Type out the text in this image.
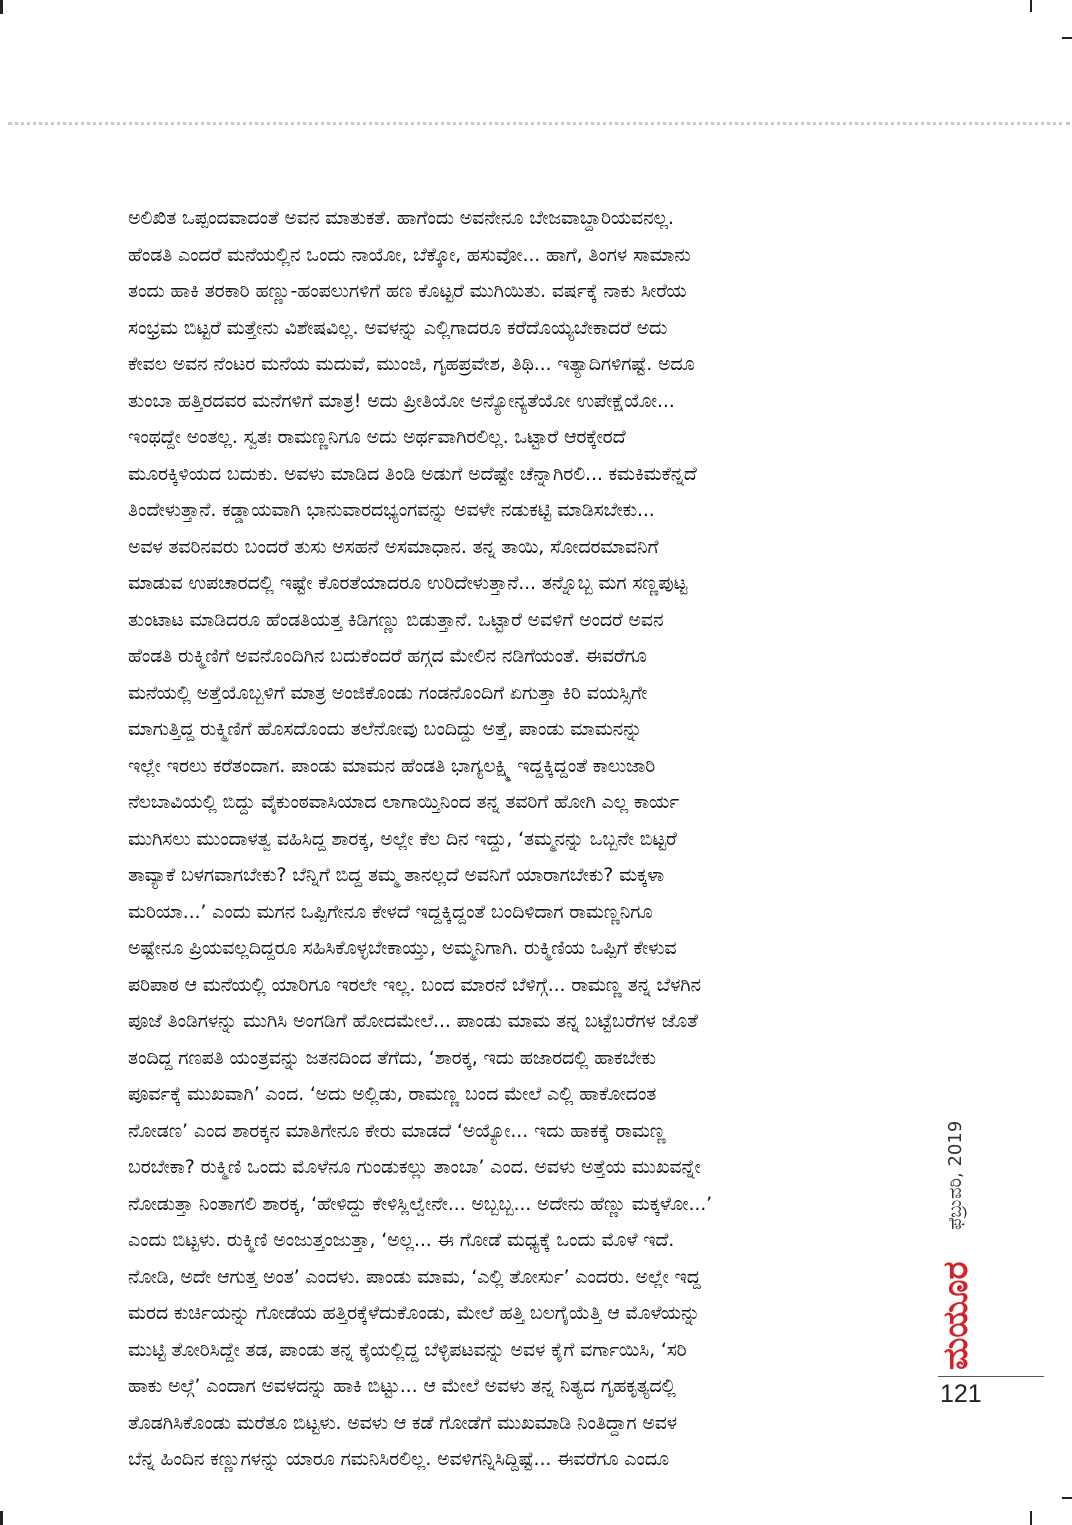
ಅಲಿಖಿತ ಒಪ್ಪಂದವಾದಂತೆ ಅವನ ಮಾತುಕತೆ. ಹಾಗೆಂದು ಅವನೇನೂ ಬೇಜವಾಬ್ದಾರಿಯವನಲ್ಲ.
ಹೆಂಡತಿ ಎಂದರೆ ಮನೆಯಲ್ಲಿನ ಒಂದು ನಾಯೋ, ಬೆಕ್ಕೋ, ಹಸುವೋ... ಹಾಗೆ, ತಿಂಗಳ ಸಾಮಾನು
ತಂದು ಹಾಕಿ ತರಕಾರಿ ಹಣ್ಣು-ಹಂಪಲುಗಳಿಗೆ ಹಣ ಕೊಟ್ಟರೆ ಮುಗಿಯಿತು. ವರ್ಷಕ್ಕೆ ನಾಕು ಸೀರೆಯ
ಸಂಭ್ರಮ ಬಿಟ್ಟರೆ ಮತ್ತೇನು ವಿಶೇಷವಿಲ್ಲ. ಅವಳನ್ನು ಎಲ್ಲಿಗಾದರೂ ಕರೆದೊಯ್ಯಬೇಕಾದರೆ ಅದು
ಕೇವಲ ಅವನ ನೆಂಟರ ಮನೆಯ ಮದುವೆ, ಮುಂಜಿ, ಗೃಹಪ್ರವೇಶ, ತಿಥಿ... ಇತ್ಯಾದಿಗಳಿಗಷ್ಟೆ. ಅದೂ
ತುಂಬಾ ಹತ್ತಿರದವರ ಮನೆಗಳಿಗೆ ಮಾತ್ರ! ಅದು ಪ್ರೀತಿಯೋ ಅನ್ಯೋನ್ಯತೆಯೋ ಉಪೇಕ್ಷೆಯೋ...
ಇಂಥದ್ದೇ ಅಂತಲ್ಲ. ಸ್ವತಃ ರಾಮಣ್ಣನಿಗೂ ಅದು ಅರ್ಥವಾಗಿರಲಿಲ್ಲ. ಒಟ್ಟಾರೆ ಆರಕ್ಕೇರದೆ
ಮೂರಕ್ಕಿಳಿಯದ ಬದುಕು. ಅವಳು ಮಾಡಿದ ತಿಂಡಿ ಅಡುಗೆ ಅದೆಷ್ಟೇ ಚೆನ್ನಾಗಿರಲಿ... ಕಮಕಿಮಕೆನ್ನದೆ
ತಿಂದೇಳುತ್ತಾನೆ. ಕಡ್ಡಾಯವಾಗಿ ಭಾನುವಾರದಭ್ಯಂಗವನ್ನು ಅವಳೇ ನಡುಕಟ್ಟಿ ಮಾಡಿಸಬೇಕು...
ಅವಳ ತವರಿನವರು ಬಂದರೆ ತುಸು ಅಸಹನೆ ಅಸಮಾಧಾನ. ತನ್ನ ತಾಯಿ, ಸೋದರಮಾವನಿಗೆ
ಮಾಡುವ ಉಪಚಾರದಲ್ಲಿ ಇಷ್ಟೇ ಕೊರತೆಯಾದರೂ ಉರಿದೇಳುತ್ತಾನೆ... ತನ್ನೊಬ್ಬ ಮಗ ಸಣ್ಣಪುಟ್ಟ
ತುಂಟಾಟ ಮಾಡಿದರೂ ಹೆಂಡತಿಯತ್ತ ಕಿಡಿಗಣ್ಣು ಬಿಡುತ್ತಾನೆ. ಒಟ್ಟಾರೆ ಅವಳಿಗೆ ಅಂದರೆ ಅವನ
ಹೆಂಡತಿ ರುಕ್ಮಿಣಿಗೆ ಅವನೊಂದಿಗಿನ ಬದುಕೆಂದರೆ ಹಗ್ಗದ ಮೇಲಿನ ನಡಿಗೆಯಂತೆ. ಈವರೆಗೂ
ಮನೆಯಲ್ಲಿ ಅತ್ತೆಯೊಬ್ಬಳಿಗೆ ಮಾತ್ರ ಅಂಜಿಕೊಂಡು ಗಂಡನೊಂದಿಗೆ ಏಗುತ್ತಾ ಕಿರಿ ವಯಸ್ಸಿಗೇ
ಮಾಗುತ್ತಿದ್ದ ರುಕ್ಮಿಣಿಗೆ ಹೊಸದೊಂದು ತಲೆನೋವು ಬಂದಿದ್ದು ಅತ್ತೆ, ಪಾಂಡು ಮಾಮನನ್ನು
ಇಲ್ಲೇ ಇರಲು ಕರೆತಂದಾಗ. ಪಾಂಡು ಮಾಮನ ಹೆಂಡತಿ ಭಾಗ್ಯಲಕ್ಷ್ಮಿ ಇದ್ದಕ್ಕಿದ್ದಂತೆ ಕಾಲುಜಾರಿ
ನೆಲಬಾವಿಯಲ್ಲಿ ಬಿದ್ದು ವೈಕುಂಠವಾಸಿಯಾದ ಲಾಗಾಯ್ತಿನಿಂದ ತನ್ನ ತವರಿಗೆ ಹೋಗಿ ಎಲ್ಲ ಕಾರ್ಯ
ಮುಗಿಸಲು ಮುಂದಾಳತ್ವ ವಹಿಸಿದ್ದ ಶಾರಕ್ಕ, ಅಲ್ಲೇ ಕೆಲ ದಿನ ಇದ್ದು, ‘ತಮ್ಮನನ್ನು ಒಬ್ಬನೇ ಬಿಟ್ಟರೆ
ತಾವ್ಯಾಕೆ ಬಳಗವಾಗಬೇಕು? ಬೆನ್ನಿಗೆ ಬಿದ್ದ ತಮ್ಮ ತಾನಲ್ಲದೆ ಅವನಿಗೆ ಯಾರಾಗಬೇಕು? ಮಕ್ಕಳಾ
ಮರಿಯಾ...’ ಎಂದು ಮಗನ ಒಪ್ಪಿಗೇನೂ ಕೇಳದೆ ಇದ್ದಕ್ಕಿದ್ದಂತೆ ಬಂದಿಳಿದಾಗ ರಾಮಣ್ಣನಿಗೂ
ಅಷ್ಟೇನೂ ಪ್ರಿಯವಲ್ಲದಿದ್ದರೂ ಸಹಿಸಿಕೊಳ್ಳಬೇಕಾಯ್ತು, ಅಮ್ಮನಿಗಾಗಿ. ರುಕ್ಮಿಣಿಯ ಒಪ್ಪಿಗೆ ಕೇಳುವ
ಪರಿಪಾಠ ಆ ಮನೆಯಲ್ಲಿ ಯಾರಿಗೂ ಇರಲೇ ಇಲ್ಲ. ಬಂದ ಮಾರನೆ ಬೆಳಿಗ್ಗೆ... ರಾಮಣ್ಣ ತನ್ನ ಬೆಳಗಿನ
ಪೂಜೆ ತಿಂಡಿಗಳನ್ನು ಮುಗಿಸಿ ಅಂಗಡಿಗೆ ಹೋದಮೇಲೆ... ಪಾಂಡು ಮಾಮ ತನ್ನ ಬಟ್ಟೆಬರೆಗಳ ಜೊತೆ
ತಂದಿದ್ದ ಗಣಪತಿ ಯಂತ್ರವನ್ನು ಜತನದಿಂದ ತೆಗೆದು, ‘ಶಾರಕ್ಕ, ಇದು ಹಜಾರದಲ್ಲಿ ಹಾಕಬೇಕು
ಪೂರ್ವಕ್ಕೆ ಮುಖವಾಗಿ’ ಎಂದ. ‘ಅದು ಅಲ್ಲಿಡು, ರಾಮಣ್ಣ ಬಂದ ಮೇಲೆ ಎಲ್ಲಿ ಹಾಕೋದಂತ
ನೋಡಣ’ ಎಂದ ಶಾರಕ್ಕನ ಮಾತಿಗೇನೂ ಕೇರು ಮಾಡದೆ ‘ಅಯ್ಯೋ... ಇದು ಹಾಕಕ್ಕೆ ರಾಮಣ್ಣ
ಬರಬೇಕಾ? ರುಕ್ಮಿಣಿ ಒಂದು ಮೊಳೆನೂ ಗುಂಡುಕಲ್ಲು ತಾಂಬಾ’ ಎಂದ. ಅವಳು ಅತ್ತೆಯ ಮುಖವನ್ನೇ
ನೋಡುತ್ತಾ ನಿಂತಾಗಲಿ ಶಾರಕ್ಕ, ‘ಹೇಳಿದ್ದು ಕೇಳಿಸ್ಲಿಲ್ವೇನೇ... ಅಬ್ಬಬ್ಬ... ಅದೇನು ಹೆಣ್ಣು ಮಕ್ಕಳೋ...’
ಎಂದು ಬಿಟ್ಟಳು. ರುಕ್ಮಿಣಿ ಅಂಜುತ್ತಂಜುತ್ತಾ, ‘ಅಲ್ಲ... ಈ ಗೋಡೆ ಮಧ್ಯಕ್ಕೆ ಒಂದು ಮೊಳೆ ಇದೆ.
ನೋಡಿ, ಅದೇ ಆಗುತ್ತ ಅಂತ’ ಎಂದಳು. ಪಾಂಡು ಮಾಮ, ‘ಎಲ್ಲಿ ತೋರ್ಸು’ ಎಂದರು. ಅಲ್ಲೇ ಇದ್ದ
ಮರದ ಕುರ್ಚಿಯನ್ನು ಗೋಡೆಯ ಹತ್ತಿರಕ್ಕೆಳೆದುಕೊಂಡು, ಮೇಲೆ ಹತ್ತಿ ಬಲಗೈಯೆತ್ತಿ ಆ ಮೊಳೆಯನ್ನು
ಮುಟ್ಟಿ ತೋರಿಸಿದ್ದೇ ತಡ, ಪಾಂಡು ತನ್ನ ಕೈಯಲ್ಲಿದ್ದ ಬೆಳ್ಳಿಪಟವನ್ನು ಅವಳ ಕೈಗೆ ವರ್ಗಾಯಿಸಿ, ‘ಸರಿ
ಹಾಕು ಅಲ್ಗೆ’ ಎಂದಾಗ ಅವಳದನ್ನು ಹಾಕಿ ಬಿಟ್ಟು... ಆ ಮೇಲೆ ಅವಳು ತನ್ನ ನಿತ್ಯದ ಗೃಹಕೃತ್ಯದಲ್ಲಿ
ತೊಡಗಿಸಿಕೊಂಡು ಮರೆತೂ ಬಿಟ್ಟಳು. ಅವಳು ಆ ಕಡೆ ಗೋಡೆಗೆ ಮುಖಮಾಡಿ ನಿಂತಿದ್ದಾಗ ಅವಳ
ಬೆನ್ನ ಹಿಂದಿನ ಕಣ್ಣುಗಳನ್ನು ಯಾರೂ ಗಮನಿಸಿರಲಿಲ್ಲ. ಅವಳಿಗನ್ನಿಸಿದ್ದಿಷ್ಟೆ... ಈವರೆಗೂ ಎಂದೂ
ಫೆಬ್ರುವರಿ, 2019
ಮಯೂರ
121
